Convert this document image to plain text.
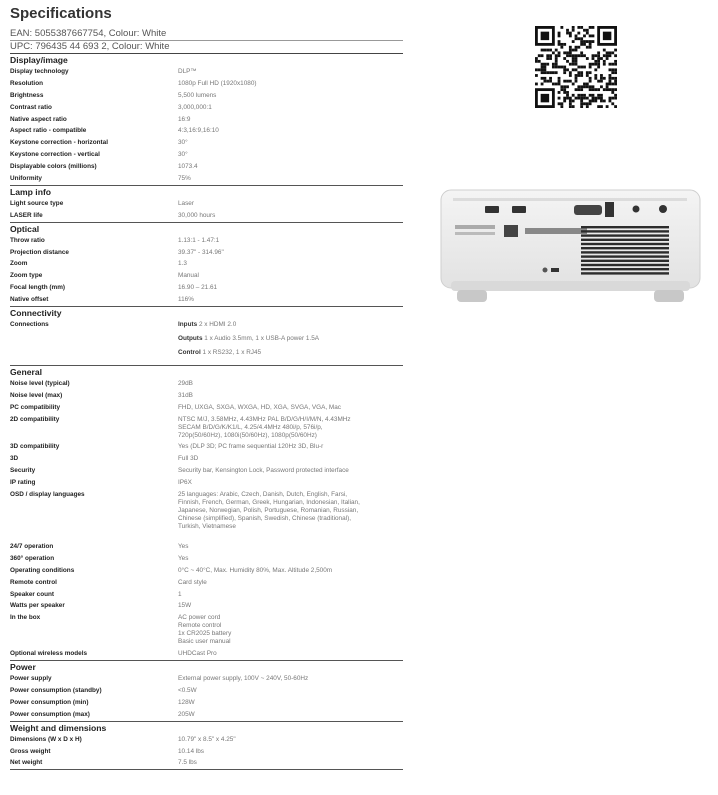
Specifications
EAN: 5055387667754, Colour: White
UPC: 796435 44 693 2, Colour: White
Display/image
Display technology	DLP™
Resolution	1080p Full HD (1920x1080)
Brightness	5,500 lumens
Contrast ratio	3,000,000:1
Native aspect ratio	16:9
Aspect ratio - compatible	4:3,16:9,16:10
Keystone correction - horizontal	30°
Keystone correction - vertical	30°
Displayable colors (millions)	1073.4
Uniformity	75%
Lamp info
Light source type	Laser
LASER life	30,000 hours
Optical
Throw ratio	1.13:1 - 1.47:1
Projection distance	39.37" - 314.96"
Zoom	1.3
Zoom type	Manual
Focal length (mm)	16.90 – 21.61
Native offset	116%
Connectivity
Connections	Inputs 2 x HDMI 2.0
Outputs 1 x Audio 3.5mm, 1 x USB-A power 1.5A
Control 1 x RS232, 1 x RJ45
General
Noise level (typical)	29dB
Noise level (max)	31dB
PC compatibility	FHD, UXGA, SXGA, WXGA, HD, XGA, SVGA, VGA, Mac
2D compatibility	NTSC M/J, 3.58MHz, 4.43MHz PAL B/D/G/H/I/M/N, 4.43MHz
SECAM B/D/G/K/K1/L, 4.25/4.4MHz 480i/p, 576i/p,
720p(50/60Hz), 1080i(50/60Hz), 1080p(50/60Hz)
3D compatibility	Yes (DLP 3D; PC frame sequential 120Hz 3D, Blu-r
3D	Full 3D
Security	Security bar, Kensington Lock, Password protected interface
IP rating	IP6X
OSD / display languages	25 languages: Arabic, Czech, Danish, Dutch, English, Farsi,
Finnish, French, German, Greek, Hungarian, Indonesian, Italian,
Japanese, Norwegian, Polish, Portuguese, Romanian, Russian,
Chinese (simplified), Spanish, Swedish, Chinese (traditional),
Turkish, Vietnamese

24/7 operation	Yes
360° operation	Yes
Operating conditions	0°C ~ 40°C, Max. Humidity 80%, Max. Altitude 2,500m
Remote control	Card style
Speaker count	1
Watts per speaker	15W
In the box	AC power cord
Remote control
1x CR2025 battery
Basic user manual
Optional wireless models	UHDCast Pro
Power
Power supply	External power supply, 100V ~ 240V, 50-60Hz
Power consumption (standby)	<0.5W
Power consumption (min)	128W
Power consumption (max)	205W
Weight and dimensions
Dimensions (W x D x H)	10.79" x 8.5" x 4.25"
Gross weight	10.14 lbs
Net weight	7.5 lbs
